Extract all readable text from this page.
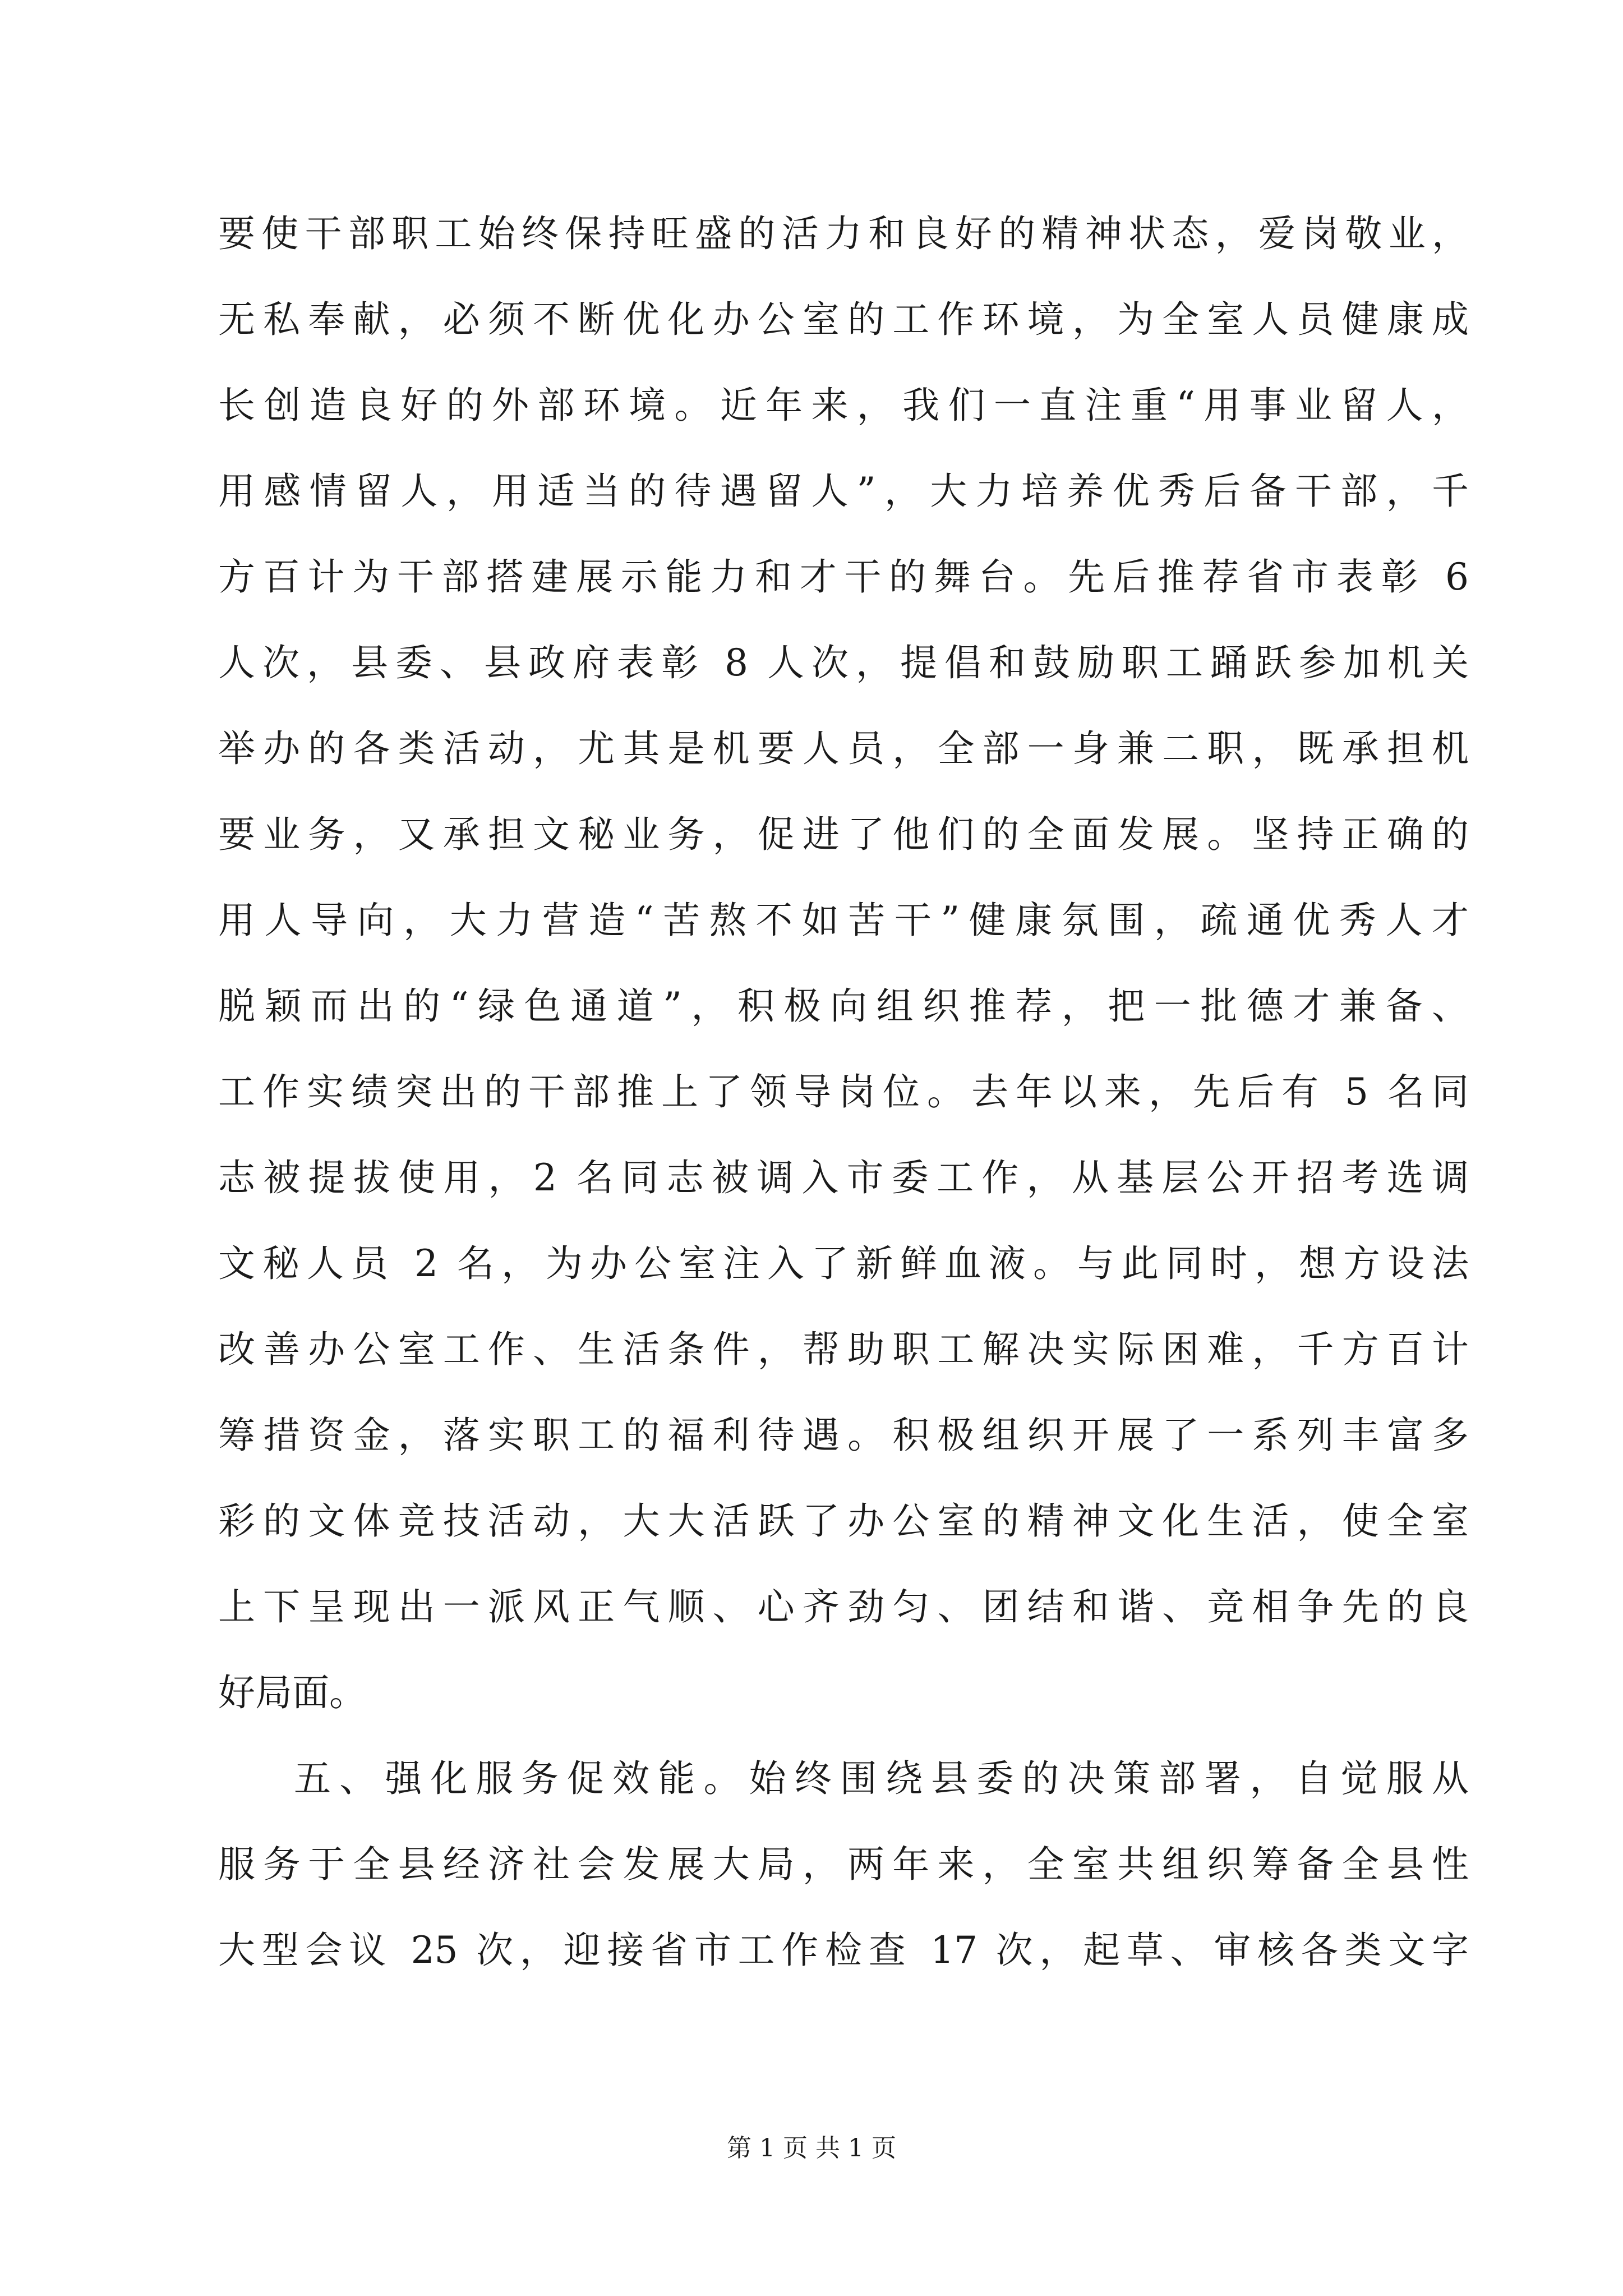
要使干部职工始终保持旺盛的活力和良好的精神状态，爱岗敬业，
无私奉献，必须不断优化办公室的工作环境，为全室人员健康成
长创造良好的外部环境。近年来，我们一直注重“用事业留人，
用感情留人，用适当的待遇留人”，大力培养优秀后备干部，千
方百计为干部搭建展示能力和才干的舞台。先后推荐省市表彰 6
人次，县委、县政府表彰 8 人次，提倡和鼓励职工踊跃参加机关
举办的各类活动，尤其是机要人员，全部一身兼二职，既承担机
要业务，又承担文秘业务，促进了他们的全面发展。坚持正确的
用人导向，大力营造“苦熬不如苦干”健康氛围，疏通优秀人才
脱颖而出的“绿色通道”，积极向组织推荐，把一批德才兼备、
工作实绩突出的干部推上了领导岗位。去年以来，先后有 5 名同
志被提拔使用，2 名同志被调入市委工作，从基层公开招考选调
文秘人员 2 名，为办公室注入了新鲜血液。与此同时，想方设法
改善办公室工作、生活条件，帮助职工解决实际困难，千方百计
筹措资金，落实职工的福利待遇。积极组织开展了一系列丰富多
彩的文体竞技活动，大大活跃了办公室的精神文化生活，使全室
上下呈现出一派风正气顺、心齐劲匀、团结和谐、竞相争先的良
好局面。
五、强化服务促效能。始终围绕县委的决策部署，自觉服从
服务于全县经济社会发展大局，两年来，全室共组织筹备全县性
大型会议 25 次，迎接省市工作检查 17 次，起草、审核各类文字
第 1 页 共 1 页
